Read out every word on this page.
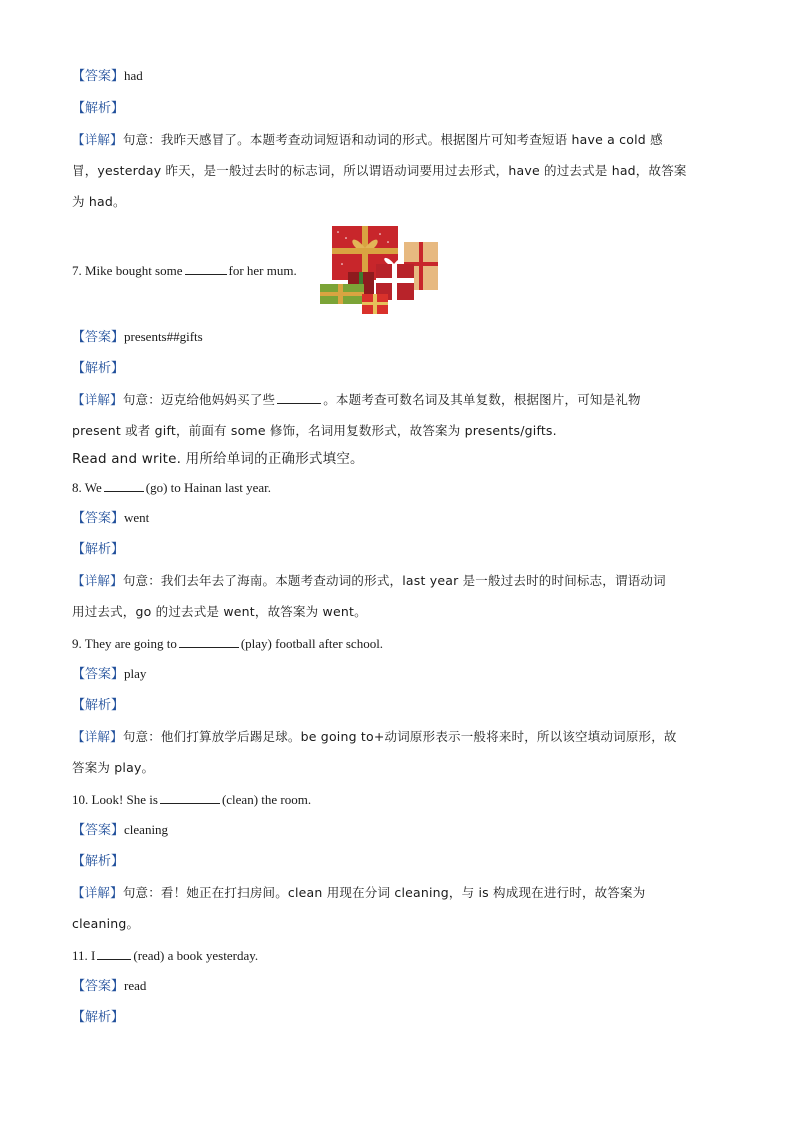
【答案】had
【解析】
【详解】句意：我昨天感冒了。本题考查动词短语和动词的形式。根据图片可知考查短语 have a cold 感
冒，yesterday 昨天，是一般过去时的标志词，所以谓语动词要用过去形式，have 的过去式是 had，故答案
为 had。
7. Mike bought some	for her mum.
【答案】presents##gifts
【解析】
【详解】句意：迈克给他妈妈买了些	。本题考查可数名词及其单复数，根据图片，可知是礼物
present 或者 gift，前面有 some 修饰，名词用复数形式，故答案为 presents/gifts.
Read and write. 用所给单词的正确形式填空。
8. We	(go) to Hainan last year.
【答案】went
【解析】
【详解】句意：我们去年去了海南。本题考查动词的形式，last year 是一般过去时的时间标志，谓语动词
用过去式，go 的过去式是 went，故答案为 went。
9. They are going to	(play) football after school.
【答案】play
【解析】
【详解】句意：他们打算放学后踢足球。be going to+动词原形表示一般将来时，所以该空填动词原形，故
答案为 play。
10. Look! She is	(clean) the room.
【答案】cleaning
【解析】
【详解】句意：看！她正在打扫房间。clean 用现在分词 cleaning，与 is 构成现在进行时，故答案为
cleaning。
11. I	(read) a book yesterday.
【答案】read
【解析】
